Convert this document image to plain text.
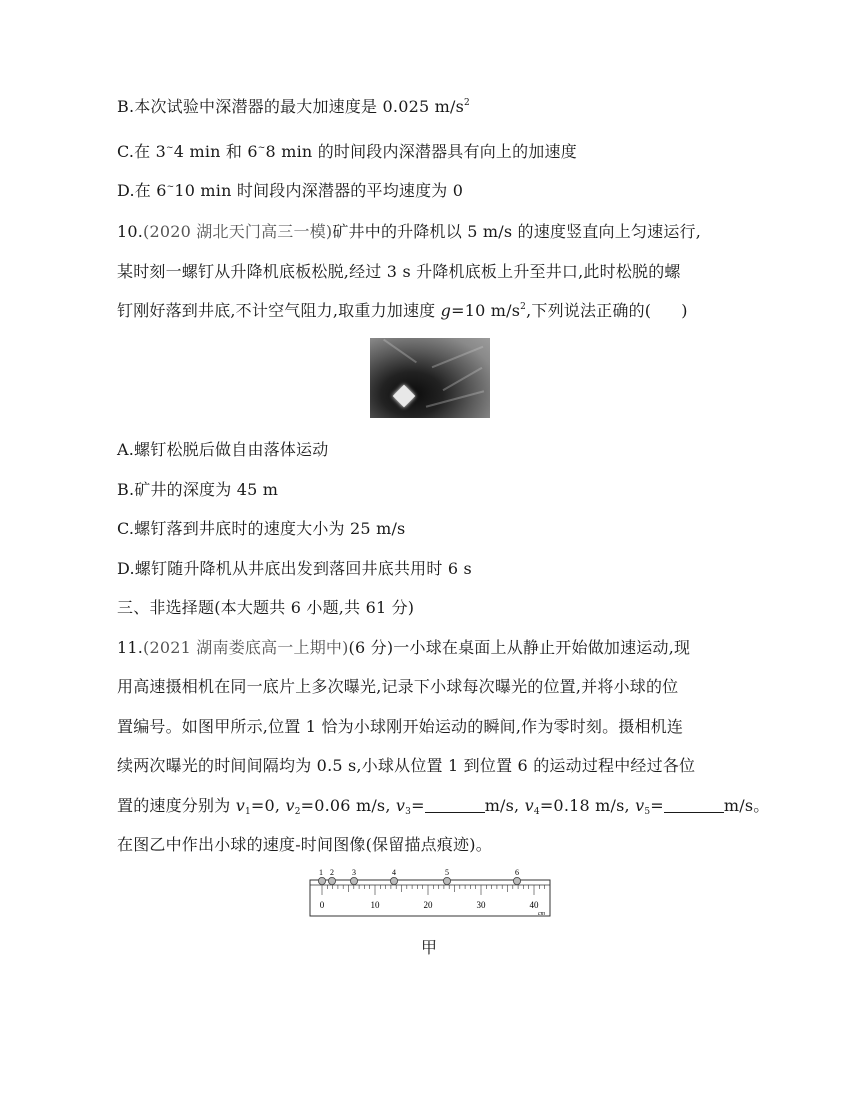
B.本次试验中深潜器的最大加速度是 0.025 $m/s^2$
C.在 3~4 min 和 6~8 min 的时间段内深潜器具有向上的加速度
D.在 6~10 min 时间段内深潜器的平均速度为 0
10.(2020 湖北天门高三一模)矿井中的升降机以 5 m/s 的速度竖直向上匀速运行,
某时刻一螺钉从升降机底板松脱,经过 3 s 升降机底板上升至井口,此时松脱的螺
钉刚好落到井底,不计空气阻力,取重力加速度 g=10 $m/s^2$,下列说法正确的( )
A.螺钉松脱后做自由落体运动
B.矿井的深度为 45 m
C.螺钉落到井底时的速度大小为 25 m/s
D.螺钉随升降机从井底出发到落回井底共用时 6 s
三、非选择题(本大题共 6 小题,共 61 分)
11.(2021 湖南娄底高一上期中)(6 分)一小球在桌面上从静止开始做加速运动,现
用高速摄相机在同一底片上多次曝光,记录下小球每次曝光的位置,并将小球的位
置编号。如图甲所示,位置 1 恰为小球刚开始运动的瞬间,作为零时刻。摄相机连
续两次曝光的时间间隔均为 0.5 s,小球从位置 1 到位置 6 的运动过程中经过各位
置的速度分别为 $v_1=0$, $v_2=0.06$ m/s, $v_3=$	m/s, $v_4=0.18$ m/s, $v_5=$	m/s。
在图乙中作出小球的速度-时间图像(保留描点痕迹)。
0	10	20	30	40
cm
1 2 3	4	5	6
甲
